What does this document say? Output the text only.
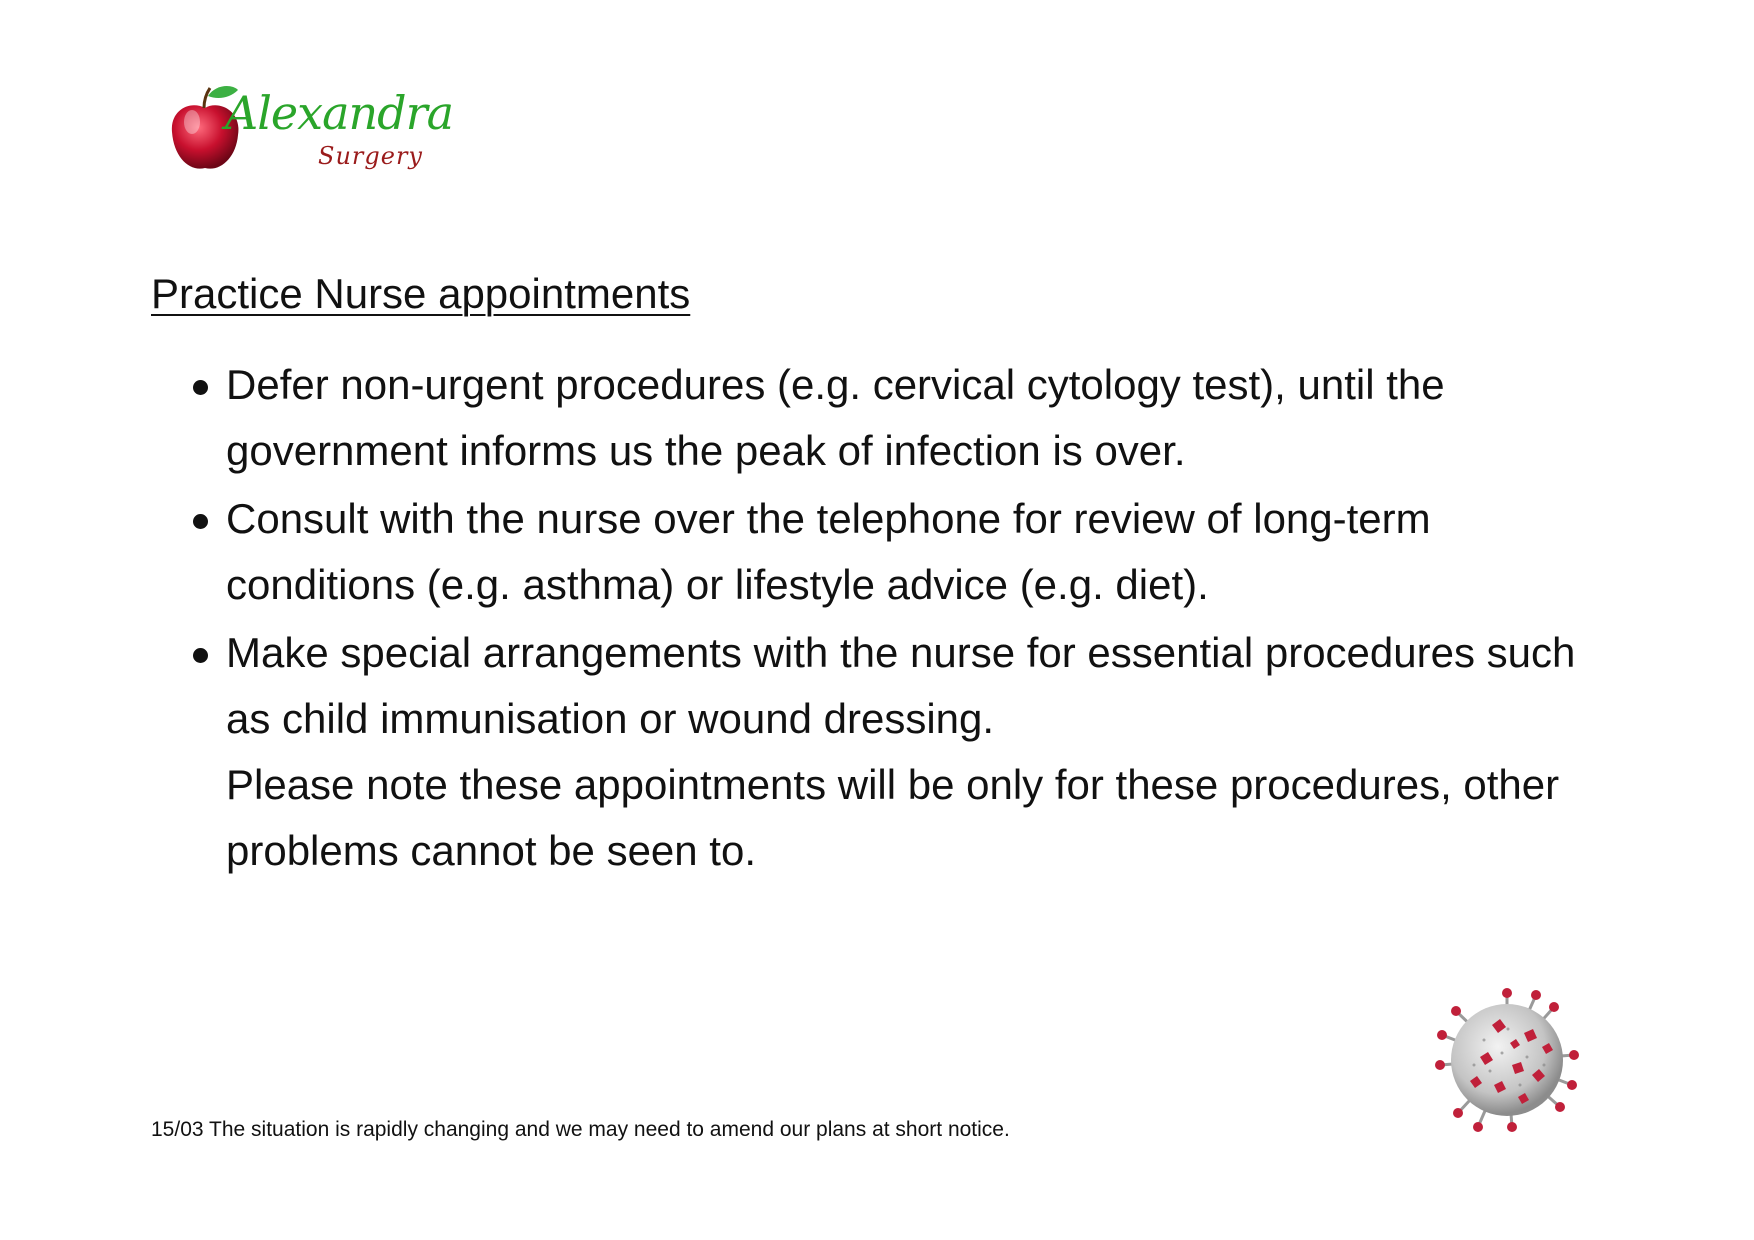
Alexandra
Surgery
Practice Nurse appointments
Defer non-urgent procedures (e.g. cervical cytology test), until the government informs us the peak of infection is over.
Consult with the nurse over the telephone for review of long-term conditions (e.g. asthma) or lifestyle advice (e.g. diet).
Make special arrangements with the nurse for essential procedures such as child immunisation or wound dressing.
Please note these appointments will be only for these procedures, other problems cannot be seen to.
15/03 The situation is rapidly changing and we may need to amend our plans at short notice.
